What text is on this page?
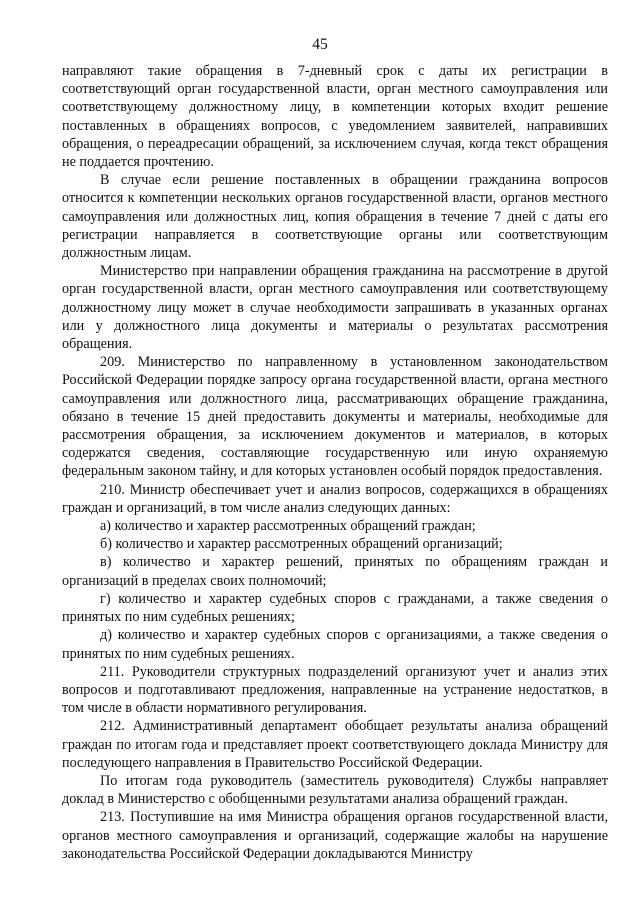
45

направляют такие обращения в 7-дневный срок с даты их регистрации в соответствующий орган государственной власти, орган местного самоуправления или соответствующему должностному лицу, в компетенции которых входит решение поставленных в обращениях вопросов, с уведомлением заявителей, направивших обращения, о переадресации обращений, за исключением случая, когда текст обращения не поддается прочтению.

В случае если решение поставленных в обращении гражданина вопросов относится к компетенции нескольких органов государственной власти, органов местного самоуправления или должностных лиц, копия обращения в течение 7 дней с даты его регистрации направляется в соответствующие органы или соответствующим должностным лицам.

Министерство при направлении обращения гражданина на рассмотрение в другой орган государственной власти, орган местного самоуправления или соответствующему должностному лицу может в случае необходимости запрашивать в указанных органах или у должностного лица документы и материалы о результатах рассмотрения обращения.

209. Министерство по направленному в установленном законодательством Российской Федерации порядке запросу органа государственной власти, органа местного самоуправления или должностного лица, рассматривающих обращение гражданина, обязано в течение 15 дней предоставить документы и материалы, необходимые для рассмотрения обращения, за исключением документов и материалов, в которых содержатся сведения, составляющие государственную или иную охраняемую федеральным законом тайну, и для которых установлен особый порядок предоставления.

210. Министр обеспечивает учет и анализ вопросов, содержащихся в обращениях граждан и организаций, в том числе анализ следующих данных:

а) количество и характер рассмотренных обращений граждан;

б) количество и характер рассмотренных обращений организаций;

в) количество и характер решений, принятых по обращениям граждан и организаций в пределах своих полномочий;

г) количество и характер судебных споров с гражданами, а также сведения о принятых по ним судебных решениях;

д) количество и характер судебных споров с организациями, а также сведения о принятых по ним судебных решениях.

211. Руководители структурных подразделений организуют учет и анализ этих вопросов и подготавливают предложения, направленные на устранение недостатков, в том числе в области нормативного регулирования.

212. Административный департамент обобщает результаты анализа обращений граждан по итогам года и представляет проект соответствующего доклада Министру для последующего направления в Правительство Российской Федерации.

По итогам года руководитель (заместитель руководителя) Службы направляет доклад в Министерство с обобщенными результатами анализа обращений граждан.

213. Поступившие на имя Министра обращения органов государственной власти, органов местного самоуправления и организаций, содержащие жалобы на нарушение законодательства Российской Федерации докладываются Министру
